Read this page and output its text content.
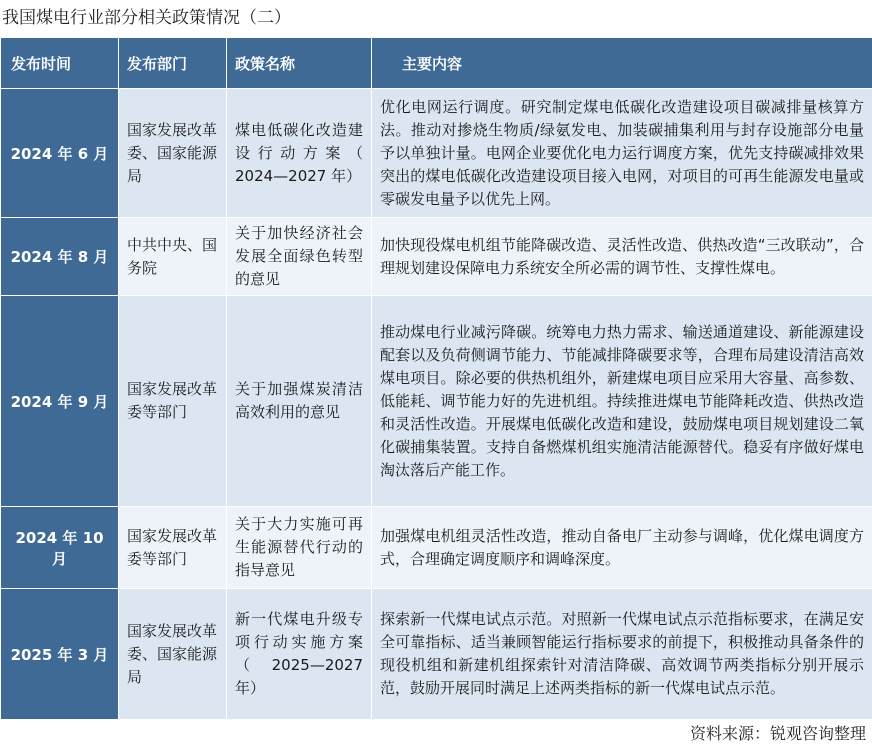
我国煤电行业部分相关政策情况（二）
发布时间	发布部门	政策名称	主要内容
2024 年 6 月	国家发展改革委、国家能源局	煤电低碳化改造建设行动方案（ 2024—2027 年）	优化电网运行调度。研究制定煤电低碳化改造建设项目碳减排量核算方法。推动对掺烧生物质/绿氨发电、加装碳捕集利用与封存设施部分电量予以单独计量。电网企业要优化电力运行调度方案，优先支持碳减排效果突出的煤电低碳化改造建设项目接入电网，对项目的可再生能源发电量或零碳发电量予以优先上网。
2024 年 8 月	中共中央、国务院	关于加快经济社会发展全面绿色转型的意见	加快现役煤电机组节能降碳改造、灵活性改造、供热改造“三改联动”，合理规划建设保障电力系统安全所必需的调节性、支撑性煤电。
2024 年 9 月	国家发展改革委等部门	关于加强煤炭清洁高效利用的意见	推动煤电行业减污降碳。统筹电力热力需求、输送通道建设、新能源建设配套以及负荷侧调节能力、节能减排降碳要求等，合理布局建设清洁高效煤电项目。除必要的供热机组外，新建煤电项目应采用大容量、高参数、低能耗、调节能力好的先进机组。持续推进煤电节能降耗改造、供热改造和灵活性改造。开展煤电低碳化改造和建设，鼓励煤电项目规划建设二氧化碳捕集装置。支持自备燃煤机组实施清洁能源替代。稳妥有序做好煤电淘汰落后产能工作。
2024 年 10 月	国家发展改革委等部门	关于大力实施可再生能源替代行动的指导意见	加强煤电机组灵活性改造，推动自备电厂主动参与调峰，优化煤电调度方式，合理确定调度顺序和调峰深度。
2025 年 3 月	国家发展改革委、国家能源局	新一代煤电升级专项行动实施方案（2025—2027 年）	探索新一代煤电试点示范。对照新一代煤电试点示范指标要求，在满足安全可靠指标、适当兼顾智能运行指标要求的前提下，积极推动具备条件的现役机组和新建机组探索针对清洁降碳、高效调节两类指标分别开展示范，鼓励开展同时满足上述两类指标的新一代煤电试点示范。
资料来源：锐观咨询整理
